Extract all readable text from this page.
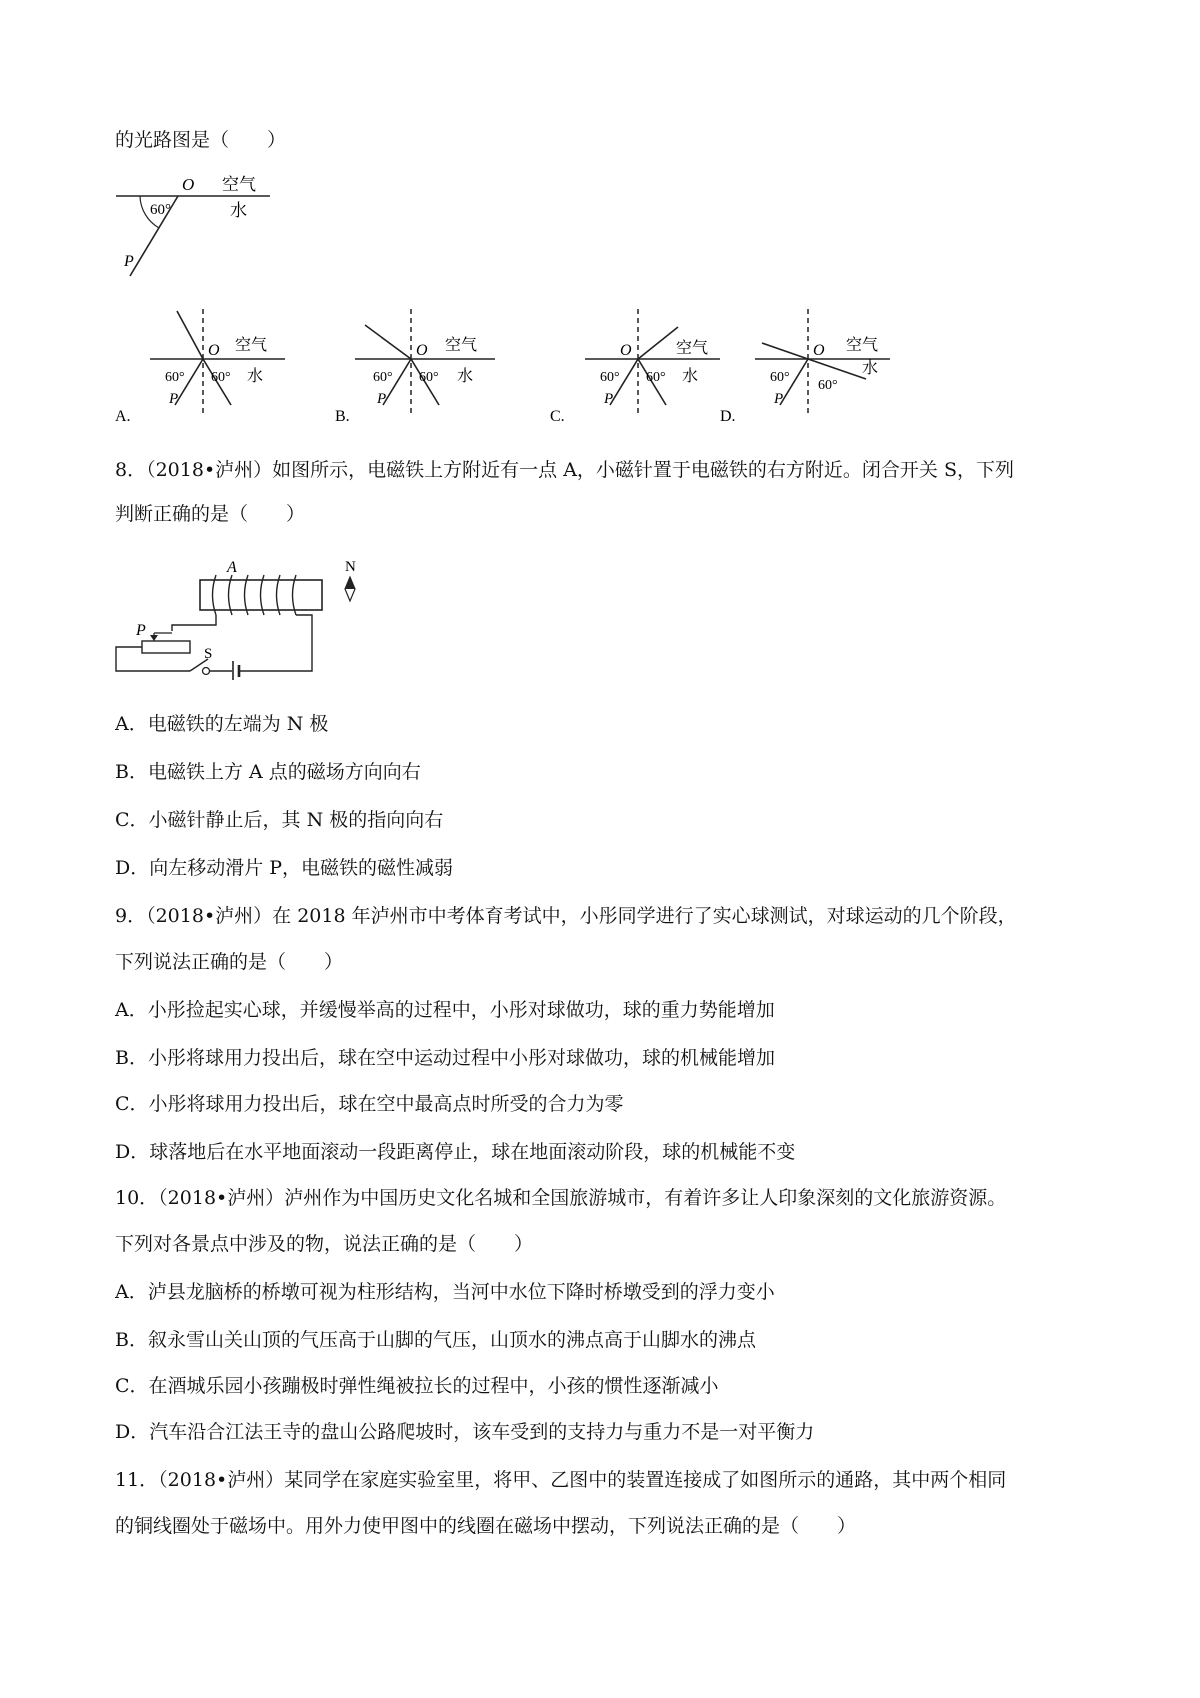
的光路图是（　　）
O 空气
水
60°
P
A.
O 空气
水
60° 60°
P
B.
O 空气
水
60° 60°
P
C.
O	空气
水
60° 60°
P
D.
O 空气
水
60°
60°
P
8．（2018•泸州）如图所示，电磁铁上方附近有一点 A，小磁针置于电磁铁的右方附近。闭合开关 S，下列
判断正确的是（　　）
A	N
P
S
A．电磁铁的左端为 N 极
B．电磁铁上方 A 点的磁场方向向右
C．小磁针静止后，其 N 极的指向向右
D．向左移动滑片 P，电磁铁的磁性减弱
9．（2018•泸州）在 2018 年泸州市中考体育考试中，小彤同学进行了实心球测试，对球运动的几个阶段，
下列说法正确的是（　　）
A．小彤捡起实心球，并缓慢举高的过程中，小彤对球做功，球的重力势能增加
B．小彤将球用力投出后，球在空中运动过程中小彤对球做功，球的机械能增加
C．小彤将球用力投出后，球在空中最高点时所受的合力为零
D．球落地后在水平地面滚动一段距离停止，球在地面滚动阶段，球的机械能不变
10．（2018•泸州）泸州作为中国历史文化名城和全国旅游城市，有着许多让人印象深刻的文化旅游资源。
下列对各景点中涉及的物，说法正确的是（　　）
A．泸县龙脑桥的桥墩可视为柱形结构，当河中水位下降时桥墩受到的浮力变小
B．叙永雪山关山顶的气压高于山脚的气压，山顶水的沸点高于山脚水的沸点
C．在酒城乐园小孩蹦极时弹性绳被拉长的过程中，小孩的惯性逐渐减小
D．汽车沿合江法王寺的盘山公路爬坡时，该车受到的支持力与重力不是一对平衡力
11．（2018•泸州）某同学在家庭实验室里，将甲、乙图中的装置连接成了如图所示的通路，其中两个相同
的铜线圈处于磁场中。用外力使甲图中的线圈在磁场中摆动，下列说法正确的是（　　）
